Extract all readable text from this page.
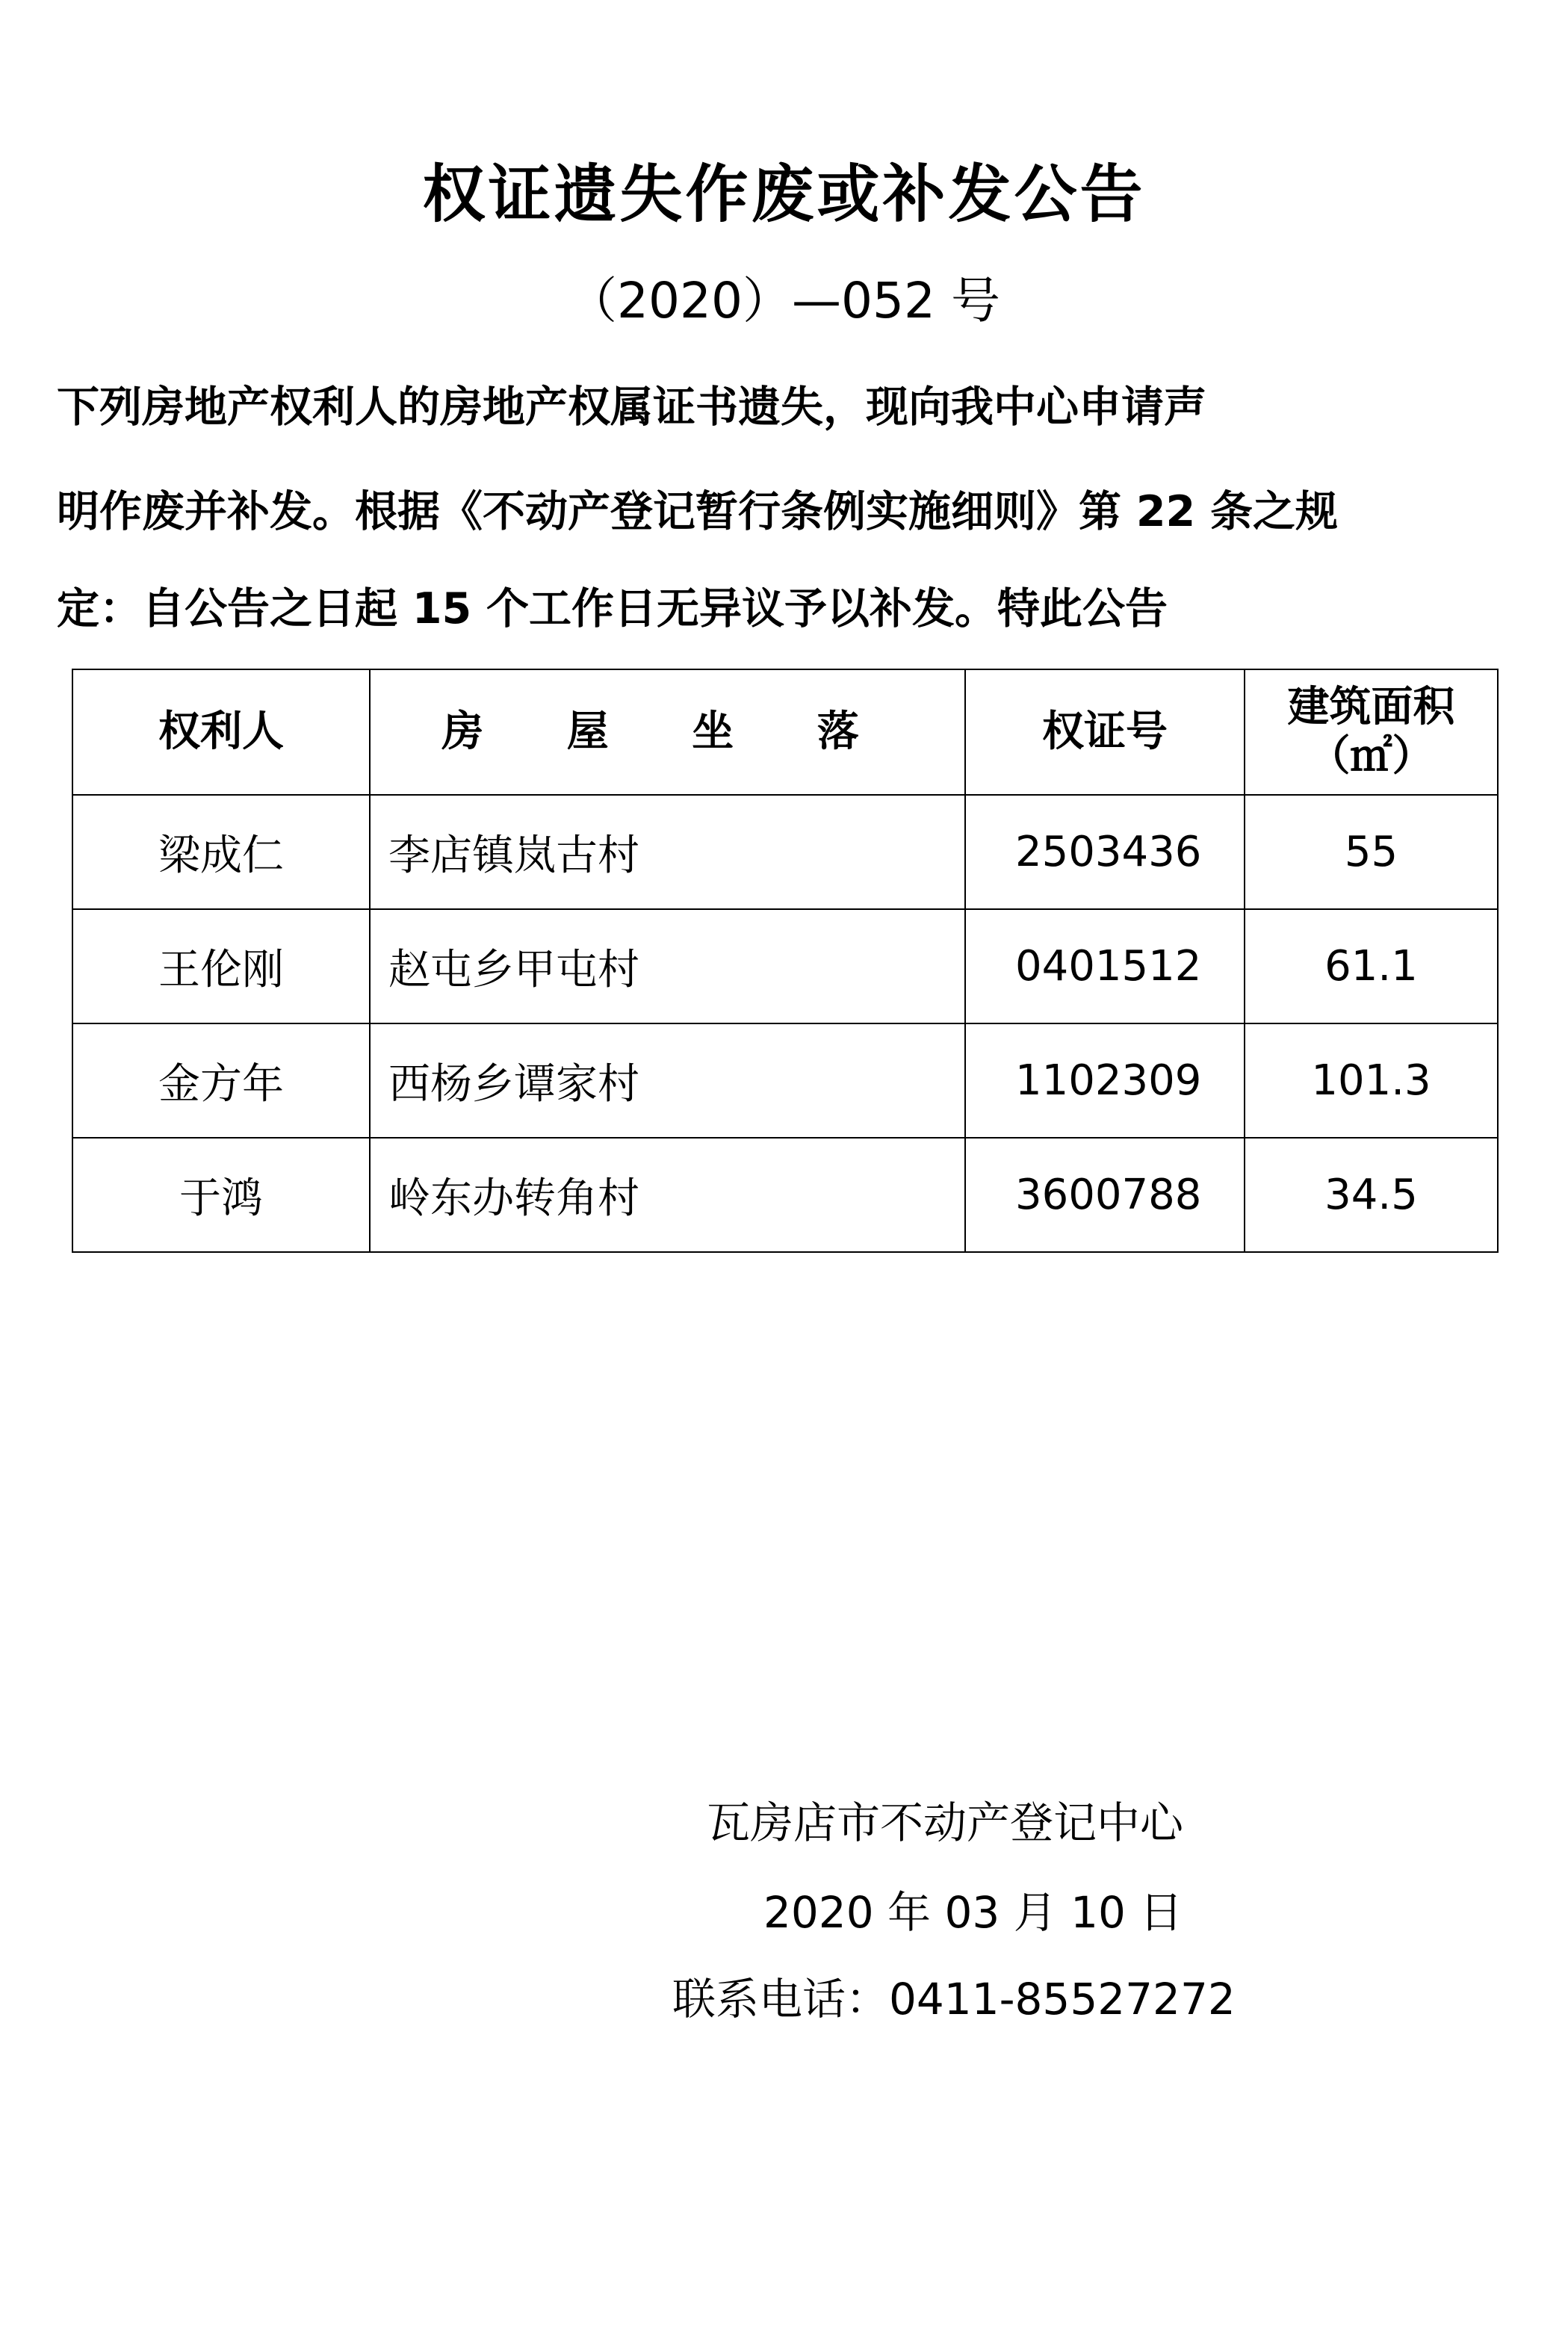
权证遗失作废或补发公告
（2020）—052 号
下列房地产权利人的房地产权属证书遗失，现向我中心申请声
明作废并补发。根据《不动产登记暂行条例实施细则》第 22 条之规
定：自公告之日起 15 个工作日无异议予以补发。特此公告
权利人	房 屋 坐 落	权证号	建筑面积
（㎡）

梁成仁	李店镇岚古村	2503436	55
王伦刚	赵屯乡甲屯村	0401512	61.1
金方年	西杨乡谭家村	1102309	101.3
于鸿	岭东办转角村	3600788	34.5
瓦房店市不动产登记中心
2020 年 03 月 10 日
联系电话：0411-85527272
